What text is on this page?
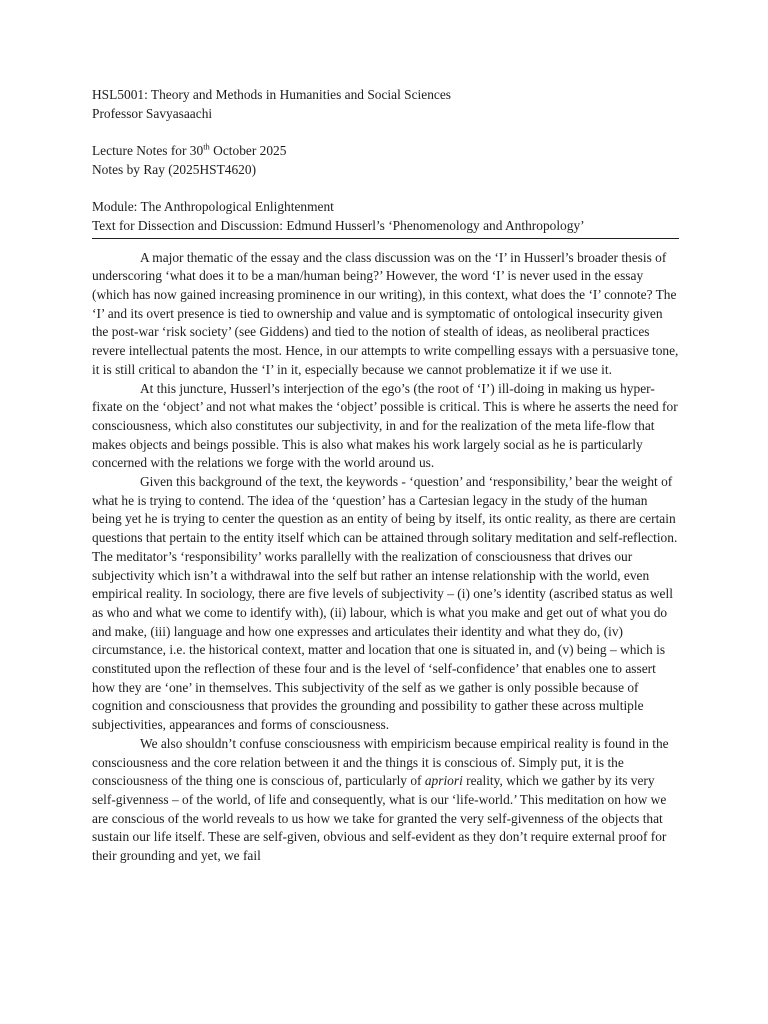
HSL5001: Theory and Methods in Humanities and Social Sciences
Professor Savyasaachi
Lecture Notes for 30th October 2025
Notes by Ray (2025HST4620)
Module: The Anthropological Enlightenment
Text for Dissection and Discussion: Edmund Husserl’s ‘Phenomenology and Anthropology’

A major thematic of the essay and the class discussion was on the ‘I’ in Husserl’s broader thesis of underscoring ‘what does it to be a man/human being?’ However, the word ‘I’ is never used in the essay (which has now gained increasing prominence in our writing), in this context, what does the ‘I’ connote? The ‘I’ and its overt presence is tied to ownership and value and is symptomatic of ontological insecurity given the post-war ‘risk society’ (see Giddens) and tied to the notion of stealth of ideas, as neoliberal practices revere intellectual patents the most. Hence, in our attempts to write compelling essays with a persuasive tone, it is still critical to abandon the ‘I’ in it, especially because we cannot problematize it if we use it.

At this juncture, Husserl’s interjection of the ego’s (the root of ‘I’) ill-doing in making us hyper-fixate on the ‘object’ and not what makes the ‘object’ possible is critical. This is where he asserts the need for consciousness, which also constitutes our subjectivity, in and for the realization of the meta life-flow that makes objects and beings possible. This is also what makes his work largely social as he is particularly concerned with the relations we forge with the world around us.

Given this background of the text, the keywords - ‘question’ and ‘responsibility,’ bear the weight of what he is trying to contend. The idea of the ‘question’ has a Cartesian legacy in the study of the human being yet he is trying to center the question as an entity of being by itself, its ontic reality, as there are certain questions that pertain to the entity itself which can be attained through solitary meditation and self-reflection. The meditator’s ‘responsibility’ works parallelly with the realization of consciousness that drives our subjectivity which isn’t a withdrawal into the self but rather an intense relationship with the world, even empirical reality. In sociology, there are five levels of subjectivity – (i) one’s identity (ascribed status as well as who and what we come to identify with), (ii) labour, which is what you make and get out of what you do and make, (iii) language and how one expresses and articulates their identity and what they do, (iv) circumstance, i.e. the historical context, matter and location that one is situated in, and (v) being – which is constituted upon the reflection of these four and is the level of ‘self-confidence’ that enables one to assert how they are ‘one’ in themselves. This subjectivity of the self as we gather is only possible because of cognition and consciousness that provides the grounding and possibility to gather these across multiple subjectivities, appearances and forms of consciousness.

We also shouldn’t confuse consciousness with empiricism because empirical reality is found in the consciousness and the core relation between it and the things it is conscious of. Simply put, it is the consciousness of the thing one is conscious of, particularly of apriori reality, which we gather by its very self-givenness – of the world, of life and consequently, what is our ‘life-world.’ This meditation on how we are conscious of the world reveals to us how we take for granted the very self-givenness of the objects that sustain our life itself. These are self-given, obvious and self-evident as they don’t require external proof for their grounding and yet, we fail
